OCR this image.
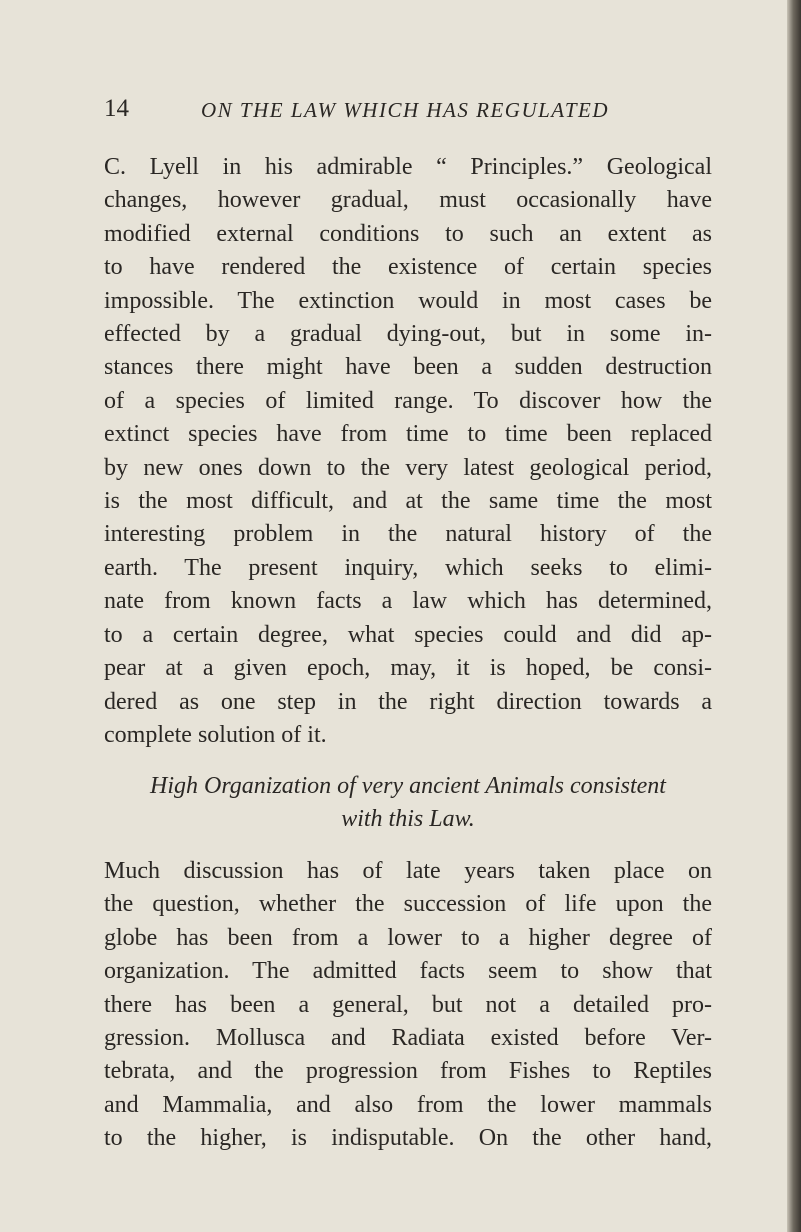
14	ON THE LAW WHICH HAS REGULATED
C. Lyell in his admirable “ Principles.” Geological
changes, however gradual, must occasionally have
modified external conditions to such an extent as
to have rendered the existence of certain species
impossible. The extinction would in most cases be
effected by a gradual dying-out, but in some in-
stances there might have been a sudden destruction
of a species of limited range. To discover how the
extinct species have from time to time been replaced
by new ones down to the very latest geological period,
is the most difficult, and at the same time the most
interesting problem in the natural history of the
earth. The present inquiry, which seeks to elimi-
nate from known facts a law which has determined,
to a certain degree, what species could and did ap-
pear at a given epoch, may, it is hoped, be consi-
dered as one step in the right direction towards a
complete solution of it.
High Organization of very ancient Animals consistent
with this Law.
Much discussion has of late years taken place on
the question, whether the succession of life upon the
globe has been from a lower to a higher degree of
organization. The admitted facts seem to show that
there has been a general, but not a detailed pro-
gression. Mollusca and Radiata existed before Ver-
tebrata, and the progression from Fishes to Reptiles
and Mammalia, and also from the lower mammals
to the higher, is indisputable. On the other hand,
